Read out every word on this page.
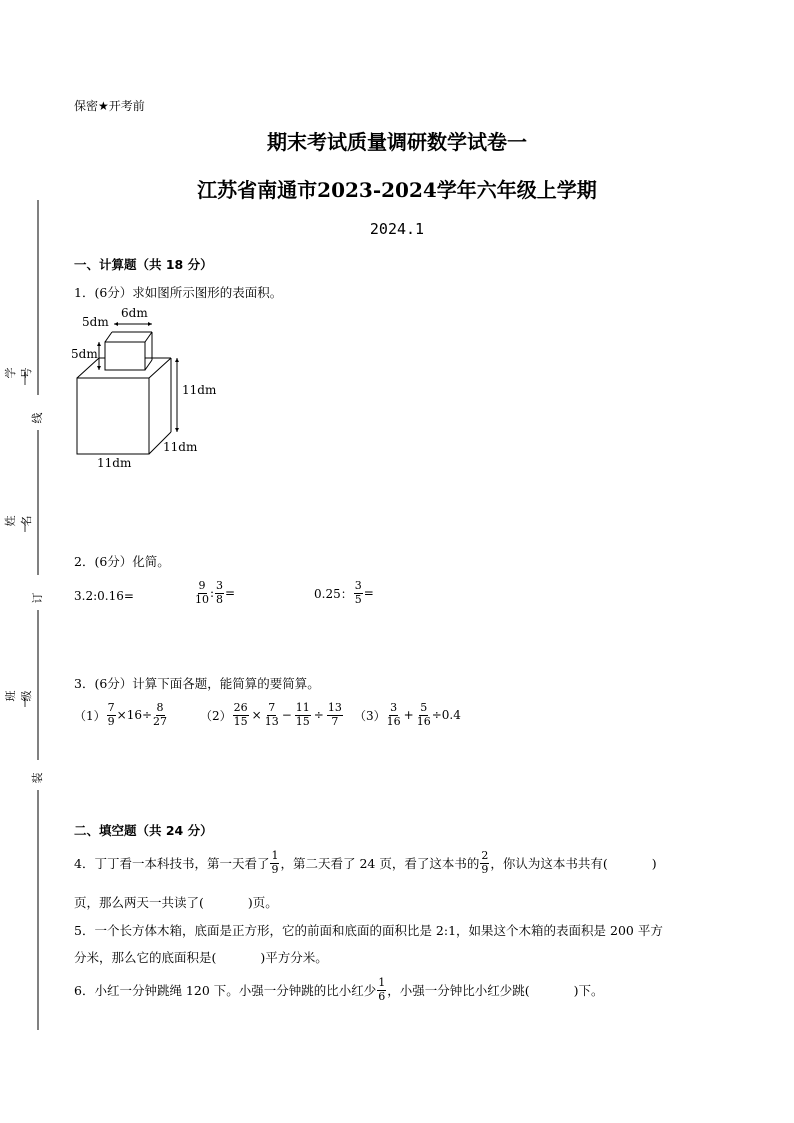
学号
线
姓名
订
班级
装
保密★开考前
期末考试质量调研数学试卷一
江苏省南通市2023-2024学年六年级上学期
2024.1
一、计算题（共 18 分）
1．(6分）求如图所示图形的表面积。
6dm
5dm
5dm
11dm
11dm
11dm
2．(6分）化简。
3.2:0.16=	$\frac{9}{10}$ : $\frac{3}{8}$ =	0.25： $\frac{3}{5}$ =
3．(6分）计算下面各题，能简算的要简算。
$(1) \frac{7}{9} \times 16\div \frac{8}{27}$	$(2) \frac{26}{15} \times \frac{7}{13} - \frac{11}{15} \div \frac{13}{7} (3) \frac{3}{16} + \frac{5}{16} \div 0.4$
二、填空题（共 24 分）
4．丁丁看一本科技书，第一天看了 $\frac{1}{9}$ ，第二天看了 24 页，看了这本书的 $\frac{2}{9}$ ，你认为这本书共有(	)
页，那么两天一共读了(	)页。
5．一个长方体木箱，底面是正方形，它的前面和底面的面积比是 2:1，如果这个木箱的表面积是 200 平方
分米，那么它的底面积是(	)平方分米。
6．小红一分钟跳绳 120 下。小强一分钟跳的比小红少 $\frac{1}{6}$ ，小强一分钟比小红少跳(	)下。
